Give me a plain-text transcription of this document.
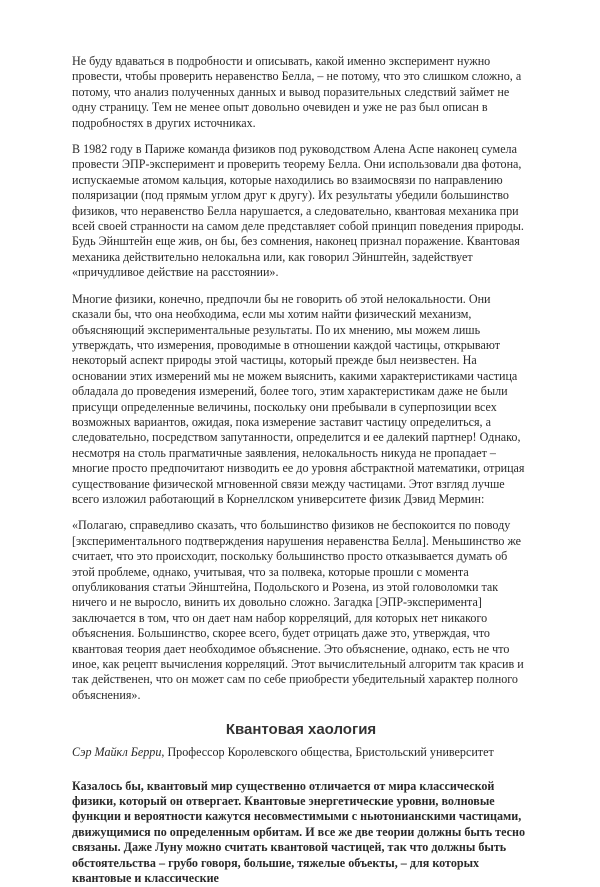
Не буду вдаваться в подробности и описывать, какой именно эксперимент нужно провести, чтобы проверить неравенство Белла, – не потому, что это слишком сложно, а потому, что анализ полученных данных и вывод поразительных следствий займет не одну страницу. Тем не менее опыт довольно очевиден и уже не раз был описан в подробностях в других источниках.

В 1982 году в Париже команда физиков под руководством Алена Аспе наконец сумела провести ЭПР-эксперимент и проверить теорему Белла. Они использовали два фотона, испускаемые атомом кальция, которые находились во взаимосвязи по направлению поляризации (под прямым углом друг к другу). Их результаты убедили большинство физиков, что неравенство Белла нарушается, а следовательно, квантовая механика при всей своей странности на самом деле представляет собой принцип поведения природы. Будь Эйнштейн еще жив, он бы, без сомнения, наконец признал поражение. Квантовая механика действительно нелокальна или, как говорил Эйнштейн, задействует «причудливое действие на расстоянии».

Многие физики, конечно, предпочли бы не говорить об этой нелокальности. Они сказали бы, что она необходима, если мы хотим найти физический механизм, объясняющий экспериментальные результаты. По их мнению, мы можем лишь утверждать, что измерения, проводимые в отношении каждой частицы, открывают некоторый аспект природы этой частицы, который прежде был неизвестен. На основании этих измерений мы не можем выяснить, какими характеристиками частица обладала до проведения измерений, более того, этим характеристикам даже не были присущи определенные величины, поскольку они пребывали в суперпозиции всех возможных вариантов, ожидая, пока измерение заставит частицу определиться, а следовательно, посредством запутанности, определится и ее далекий партнер! Однако, несмотря на столь прагматичные заявления, нелокальность никуда не пропадает – многие просто предпочитают низводить ее до уровня абстрактной математики, отрицая существование физической мгновенной связи между частицами. Этот взгляд лучше всего изложил работающий в Корнеллском университете физик Дэвид Мермин:

«Полагаю, справедливо сказать, что большинство физиков не беспокоится по поводу [экспериментального подтверждения нарушения неравенства Белла]. Меньшинство же считает, что это происходит, поскольку большинство просто отказывается думать об этой проблеме, однако, учитывая, что за полвека, которые прошли с момента опубликования статьи Эйнштейна, Подольского и Розена, из этой головоломки так ничего и не выросло, винить их довольно сложно. Загадка [ЭПР-эксперимента] заключается в том, что он дает нам набор корреляций, для которых нет никакого объяснения. Большинство, скорее всего, будет отрицать даже это, утверждая, что квантовая теория дает необходимое объяснение. Это объяснение, однако, есть не что иное, как рецепт вычисления корреляций. Этот вычислительный алгоритм так красив и так действенен, что он может сам по себе приобрести убедительный характер полного объяснения».

Квантовая хаология

Сэр Майкл Берри, Профессор Королевского общества, Бристольский университет

Казалось бы, квантовый мир существенно отличается от мира классической физики, который он отвергает. Квантовые энергетические уровни, волновые функции и вероятности кажутся несовместимыми с ньютонианскими частицами, движущимися по определенным орбитам. И все же две теории должны быть тесно связаны. Даже Луну можно считать квантовой частицей, так что должны быть обстоятельства – грубо говоря, большие, тяжелые объекты, – для которых квантовые и классические
